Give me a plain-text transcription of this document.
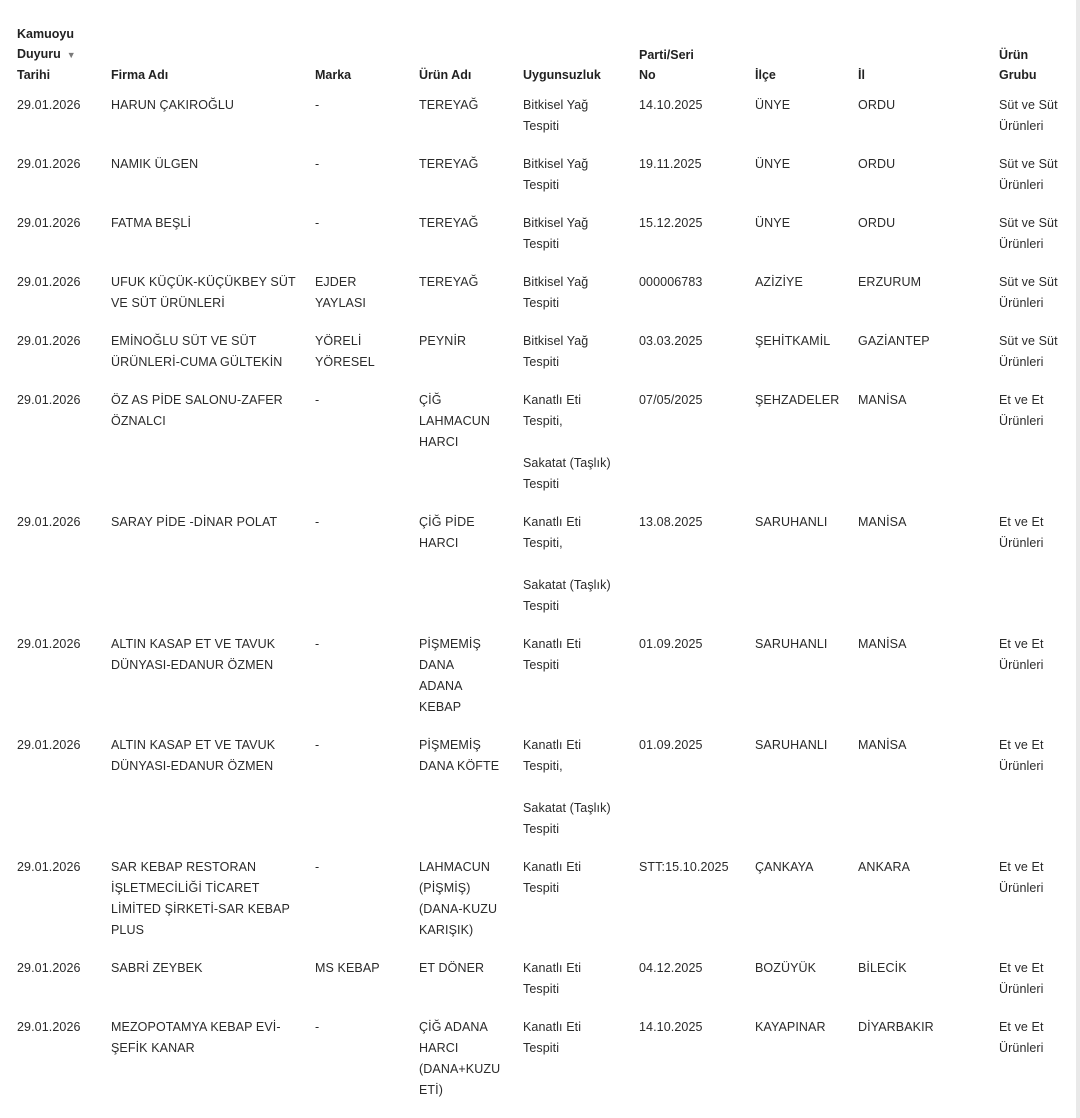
Kamuoyu
Duyuru ▼
Tarihi	Firma Adı	Marka	Ürün Adı	Uygunsuzluk	Parti/Seri
No	İlçe	İl	Ürün
Grubu

29.01.2026	HARUN ÇAKIROĞLU	-	TEREYAĞ	Bitkisel Yağ
Tespiti	14.10.2025	ÜNYE	ORDU	Süt ve Süt
Ürünleri

29.01.2026	NAMIK ÜLGEN	-	TEREYAĞ	Bitkisel Yağ
Tespiti	19.11.2025	ÜNYE	ORDU	Süt ve Süt
Ürünleri

29.01.2026	FATMA BEŞLİ	-	TEREYAĞ	Bitkisel Yağ
Tespiti	15.12.2025	ÜNYE	ORDU	Süt ve Süt
Ürünleri

29.01.2026	UFUK KÜÇÜK-KÜÇÜKBEY SÜT
VE SÜT ÜRÜNLERİ	EJDER
YAYLASI	TEREYAĞ	Bitkisel Yağ
Tespiti	000006783	AZİZİYE	ERZURUM	Süt ve Süt
Ürünleri

29.01.2026	EMİNOĞLU SÜT VE SÜT
ÜRÜNLERİ-CUMA GÜLTEKİN	YÖRELİ
YÖRESEL	PEYNİR	Bitkisel Yağ
Tespiti	03.03.2025	ŞEHİTKAMİL	GAZİANTEP	Süt ve Süt
Ürünleri

29.01.2026	ÖZ AS PİDE SALONU-ZAFER
ÖZNALCI	-	ÇİĞ
LAHMACUN
HARCI	Kanatlı Eti
Tespiti,
Sakatat (Taşlık)
Tespiti	07/05/2025	ŞEHZADELER	MANİSA	Et ve Et
Ürünleri

29.01.2026	SARAY PİDE -DİNAR POLAT	-	ÇİĞ PİDE
HARCI	Kanatlı Eti
Tespiti,
Sakatat (Taşlık)
Tespiti	13.08.2025	SARUHANLI	MANİSA	Et ve Et
Ürünleri

29.01.2026	ALTIN KASAP ET VE TAVUK
DÜNYASI-EDANUR ÖZMEN	-	PİŞMEMİŞ
DANA
ADANA
KEBAP	Kanatlı Eti
Tespiti	01.09.2025	SARUHANLI	MANİSA	Et ve Et
Ürünleri

29.01.2026	ALTIN KASAP ET VE TAVUK
DÜNYASI-EDANUR ÖZMEN	-	PİŞMEMİŞ
DANA KÖFTE	Kanatlı Eti
Tespiti,
Sakatat (Taşlık)
Tespiti	01.09.2025	SARUHANLI	MANİSA	Et ve Et
Ürünleri

29.01.2026	SAR KEBAP RESTORAN
İŞLETMECİLİĞİ TİCARET
LİMİTED ŞİRKETİ-SAR KEBAP
PLUS	-	LAHMACUN
(PİŞMİŞ)
(DANA-KUZU
KARIŞIK)	Kanatlı Eti
Tespiti	STT:15.10.2025	ÇANKAYA	ANKARA	Et ve Et
Ürünleri

29.01.2026	SABRİ ZEYBEK	MS KEBAP	ET DÖNER	Kanatlı Eti
Tespiti	04.12.2025	BOZÜYÜK	BİLECİK	Et ve Et
Ürünleri

29.01.2026	MEZOPOTAMYA KEBAP EVİ-
ŞEFİK KANAR	-	ÇİĞ ADANA
HARCI
(DANA+KUZU
ETİ)	Kanatlı Eti
Tespiti	14.10.2025	KAYAPINAR	DİYARBAKIR	Et ve Et
Ürünleri
